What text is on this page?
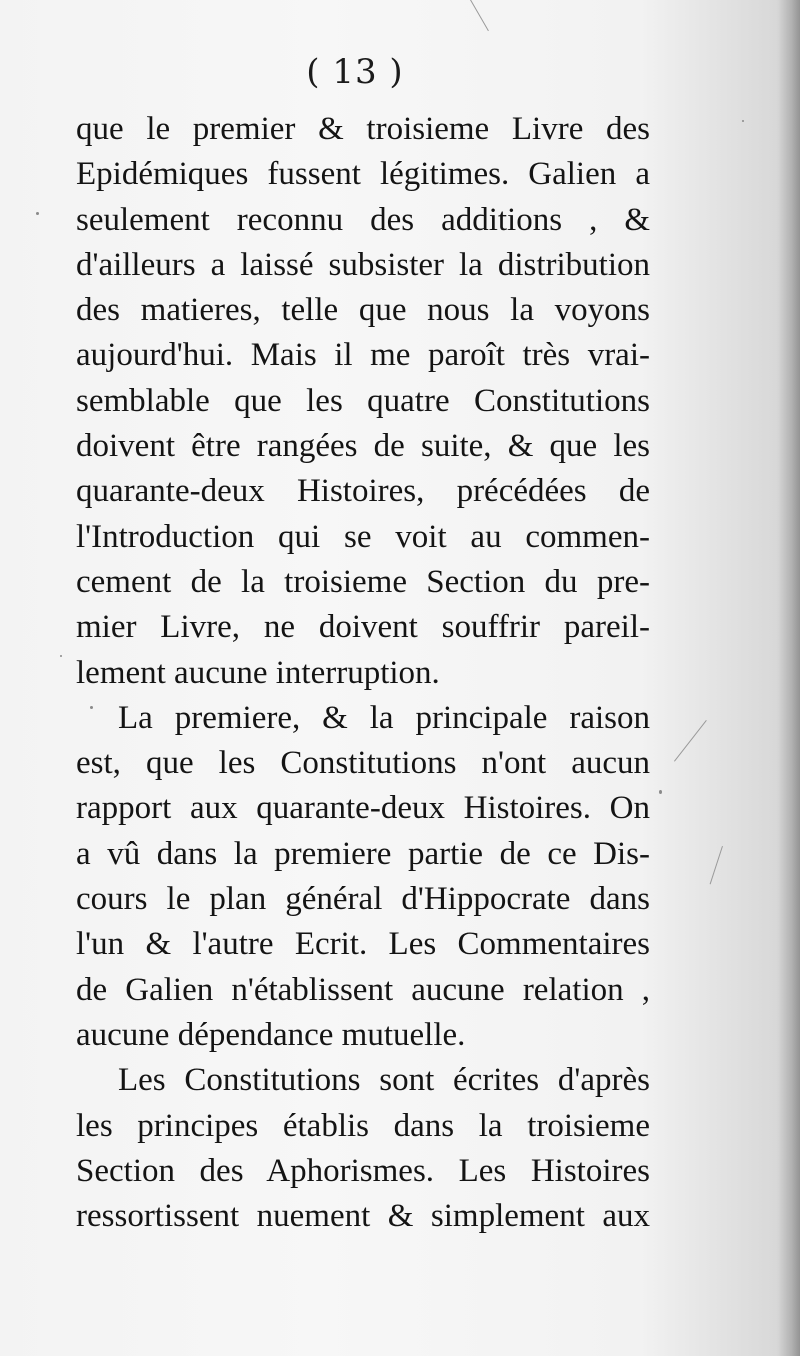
( 13 )
que le premier & troisieme Livre des
Epidémiques fussent légitimes. Galien a
seulement reconnu des additions , &
d'ailleurs a laissé subsister la distribution
des matieres, telle que nous la voyons
aujourd'hui. Mais il me paroît très vrai-
semblable que les quatre Constitutions
doivent être rangées de suite, & que les
quarante-deux Histoires, précédées de
l'Introduction qui se voit au commen-
cement de la troisieme Section du pre-
mier Livre, ne doivent souffrir pareil-
lement aucune interruption.
La premiere, & la principale raison
est, que les Constitutions n'ont aucun
rapport aux quarante-deux Histoires. On
a vû dans la premiere partie de ce Dis-
cours le plan général d'Hippocrate dans
l'un & l'autre Ecrit. Les Commentaires
de Galien n'établissent aucune relation ,
aucune dépendance mutuelle.
Les Constitutions sont écrites d'après
les principes établis dans la troisieme
Section des Aphorismes. Les Histoires
ressortissent nuement & simplement aux
